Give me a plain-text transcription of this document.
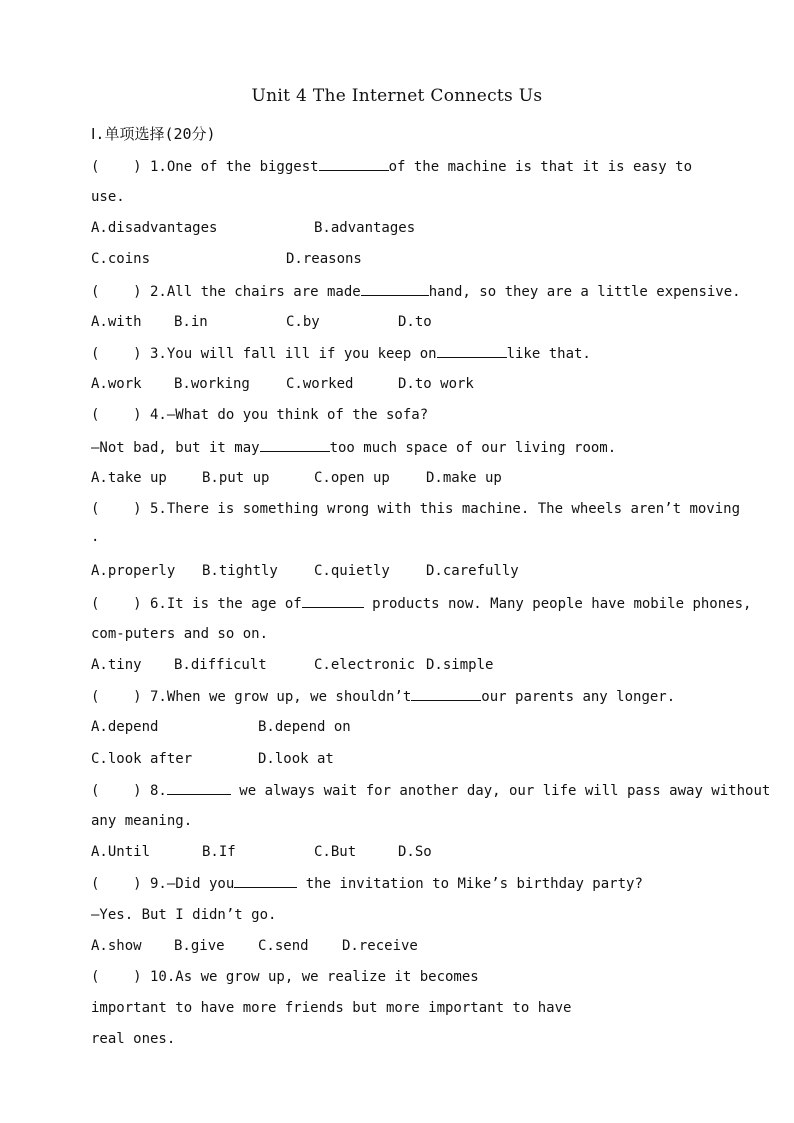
Unit 4 The Internet Connects Us
Ⅰ.单项选择(20分)
(    ) 1.One of the biggest	of the machine is that it is easy to
use.
A.disadvantages	B.advantages
C.coins	D.reasons
(    ) 2.All the chairs are made	hand, so they are a little expensive.
A.with B.in	C.by	D.to
(    ) 3.You will fall ill if you keep on	like that.
A.work B.working	C.worked	D.to work
(    ) 4.—What do you think of the sofa?
—Not bad, but it may	too much space of our living room.
A.take up	B.put up	C.open up	D.make up
(    ) 5.There is something wrong with this machine. The wheels aren’t moving
.
A.properly B.tightly	C.quietly	D.carefully
(    ) 6.It is the age of	products now. Many people have mobile phones,
com-puters and so on.
A.tiny B.difficult	C.electronic D.simple
(    ) 7.When we grow up, we shouldn’t	our parents any longer.
A.depend	B.depend on
C.look after	D.look at
(    ) 8.	we always wait for another day, our life will pass away without
any meaning.
A.Until	B.If	C.But	D.So
(    ) 9.—Did you	the invitation to Mike’s birthday party?
—Yes. But I didn’t go.
A.show B.give C.send D.receive
(    ) 10.As we grow up, we realize it becomes
important to have more friends but more important to have
real ones.
